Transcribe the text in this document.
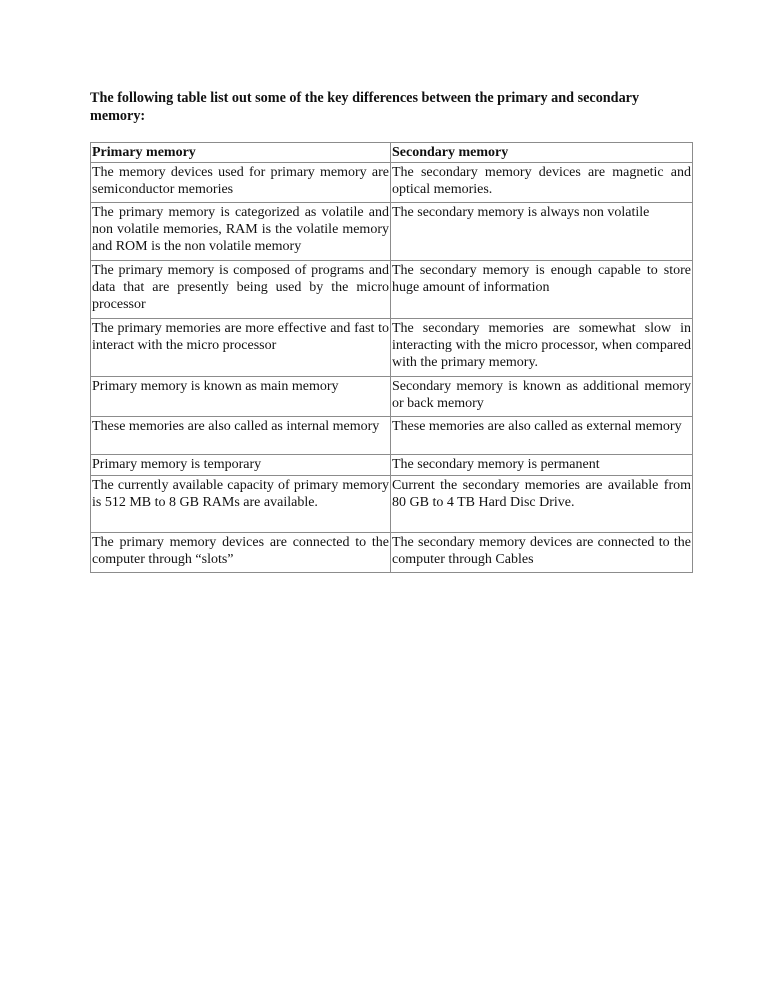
The following table list out some of the key differences between the primary and secondary memory:

Primary memory	Secondary memory
The memory devices used for primary memory are semiconductor memories	The secondary memory devices are magnetic and optical memories.
The primary memory is categorized as volatile and non volatile memories, RAM is the volatile memory and ROM is the non volatile memory	The secondary memory is always non volatile
The primary memory is composed of programs and data that are presently being used by the micro processor	The secondary memory is enough capable to store huge amount of information
The primary memories are more effective and fast to interact with the micro processor	The secondary memories are somewhat slow in interacting with the micro processor, when compared with the primary memory.
Primary memory is known as main memory	Secondary memory is known as additional memory or back memory
These memories are also called as internal memory	These memories are also called as external memory
Primary memory is temporary	The secondary memory is permanent
The currently available capacity of primary memory is 512 MB to 8 GB RAMs are available.	Current the secondary memories are available from 80 GB to 4 TB Hard Disc Drive.
The primary memory devices are connected to the computer through “slots”	The secondary memory devices are connected to the computer through Cables
